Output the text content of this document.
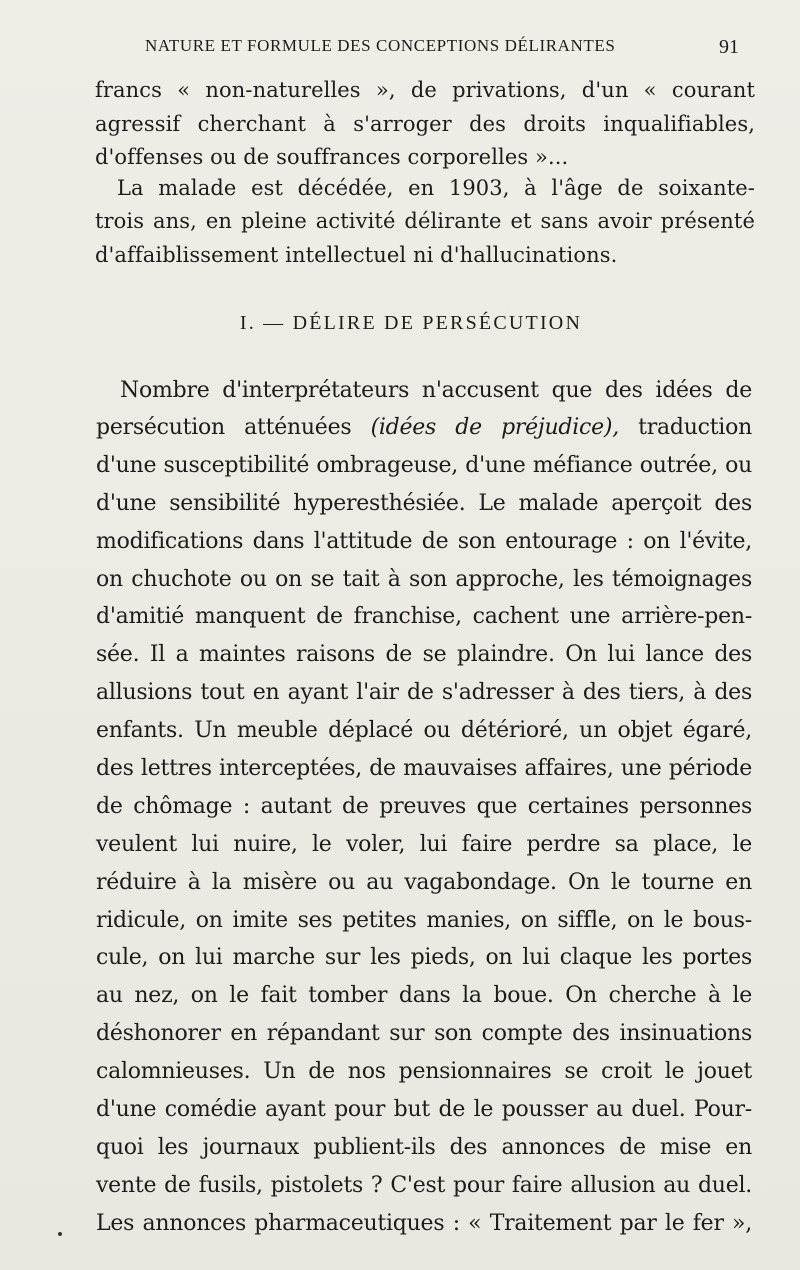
NATURE ET FORMULE DES CONCEPTIONS DÉLIRANTES	91
francs « non-naturelles », de privations, d'un « courant
agressif cherchant à s'arroger des droits inqualifiables,
d'offenses ou de souffrances corporelles »...
La malade est décédée, en 1903, à l'âge de soixante-
trois ans, en pleine activité délirante et sans avoir présenté
d'affaiblissement intellectuel ni d'hallucinations.
I. — DÉLIRE DE PERSÉCUTION
Nombre d'interprétateurs n'accusent que des idées de
persécution atténuées (idées de préjudice), traduction
d'une susceptibilité ombrageuse, d'une méfiance outrée, ou
d'une sensibilité hyperesthésiée. Le malade aperçoit des
modifications dans l'attitude de son entourage : on l'évite,
on chuchote ou on se tait à son approche, les témoignages
d'amitié manquent de franchise, cachent une arrière-pen-
sée. Il a maintes raisons de se plaindre. On lui lance des
allusions tout en ayant l'air de s'adresser à des tiers, à des
enfants. Un meuble déplacé ou détérioré, un objet égaré,
des lettres interceptées, de mauvaises affaires, une période
de chômage : autant de preuves que certaines personnes
veulent lui nuire, le voler, lui faire perdre sa place, le
réduire à la misère ou au vagabondage. On le tourne en
ridicule, on imite ses petites manies, on siffle, on le bous-
cule, on lui marche sur les pieds, on lui claque les portes
au nez, on le fait tomber dans la boue. On cherche à le
déshonorer en répandant sur son compte des insinuations
calomnieuses. Un de nos pensionnaires se croit le jouet
d'une comédie ayant pour but de le pousser au duel. Pour-
quoi les journaux publient-ils des annonces de mise en
vente de fusils, pistolets ? C'est pour faire allusion au duel.
Les annonces pharmaceutiques : « Traitement par le fer »,
